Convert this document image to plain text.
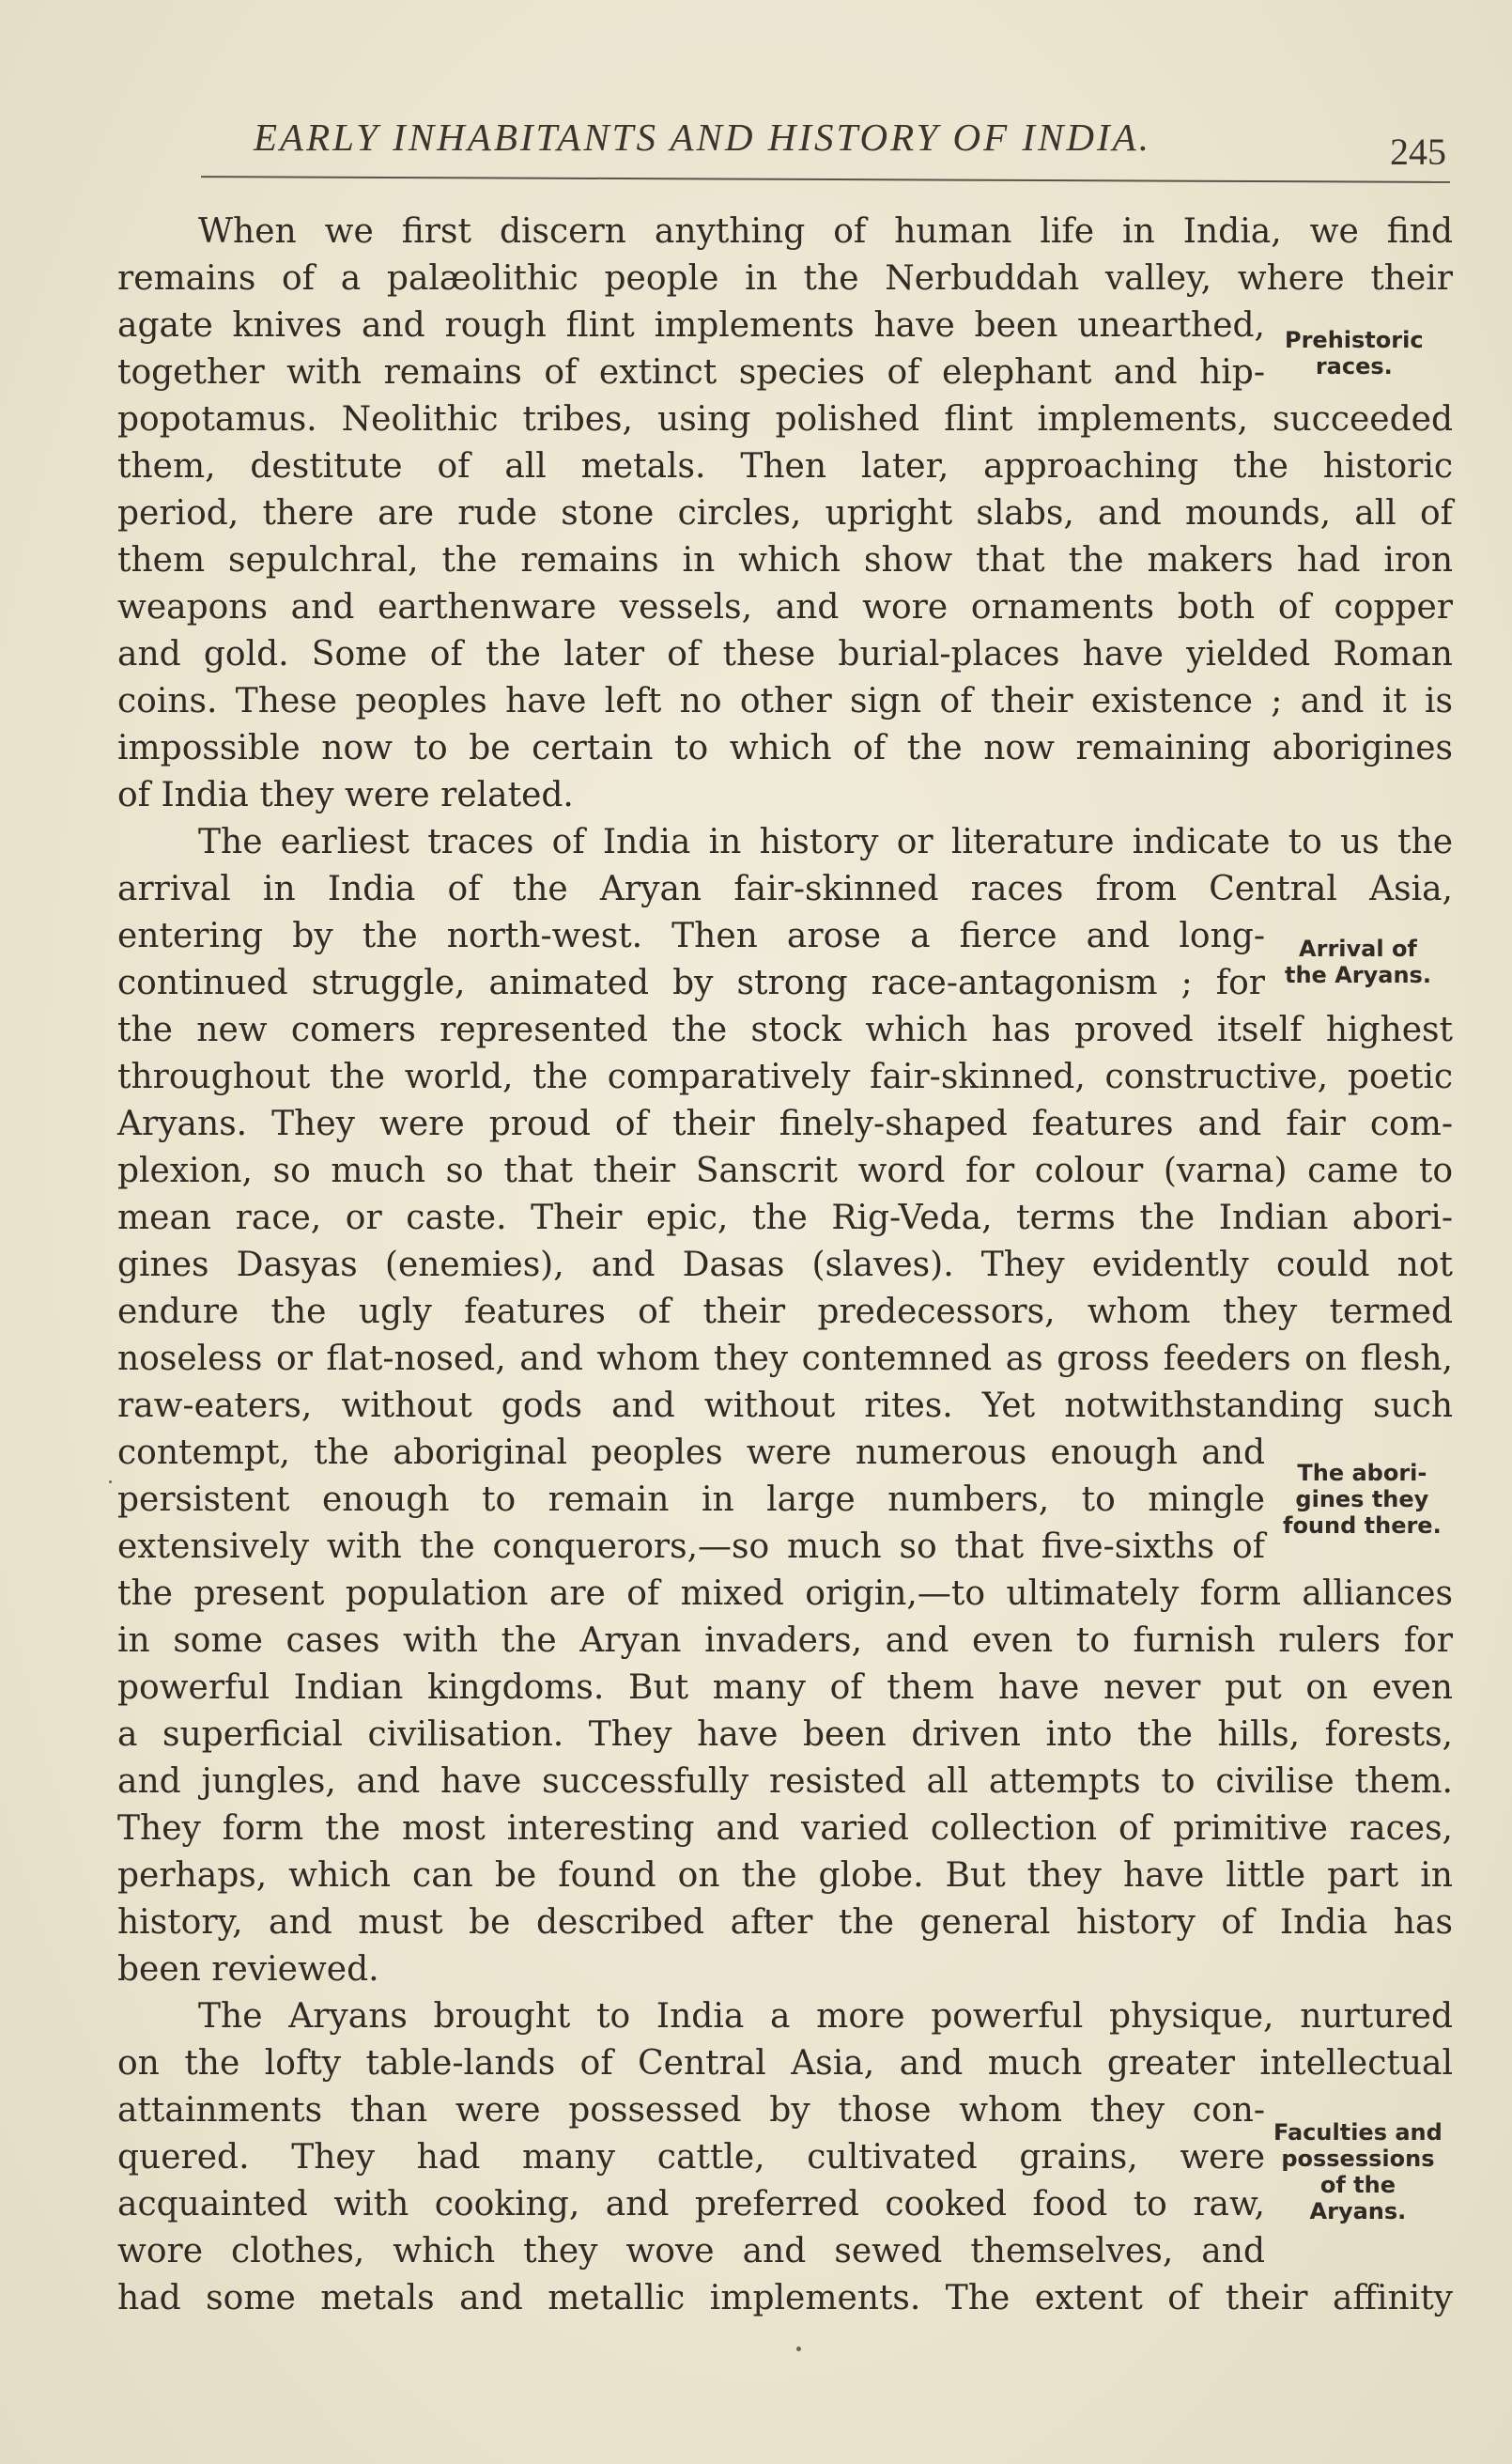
EARLY INHABITANTS AND HISTORY OF INDIA.	245
When we first discern anything of human life in India, we find
remains of a palæolithic people in the Nerbuddah valley, where their
agate knives and rough flint implements have been unearthed,
together with remains of extinct species of elephant and hip-
popotamus. Neolithic tribes, using polished flint implements, succeeded
them, destitute of all metals. Then later, approaching the historic
period, there are rude stone circles, upright slabs, and mounds, all of
them sepulchral, the remains in which show that the makers had iron
weapons and earthenware vessels, and wore ornaments both of copper
and gold. Some of the later of these burial-places have yielded Roman
coins. These peoples have left no other sign of their existence ; and it is
impossible now to be certain to which of the now remaining aborigines
of India they were related.
The earliest traces of India in history or literature indicate to us the
arrival in India of the Aryan fair-skinned races from Central Asia,
entering by the north-west. Then arose a fierce and long-
continued struggle, animated by strong race-antagonism ; for
the new comers represented the stock which has proved itself highest
throughout the world, the comparatively fair-skinned, constructive, poetic
Aryans. They were proud of their finely-shaped features and fair com-
plexion, so much so that their Sanscrit word for colour (varna) came to
mean race, or caste. Their epic, the Rig-Veda, terms the Indian abori-
gines Dasyas (enemies), and Dasas (slaves). They evidently could not
endure the ugly features of their predecessors, whom they termed
noseless or flat-nosed, and whom they contemned as gross feeders on flesh,
raw-eaters, without gods and without rites. Yet notwithstanding such
contempt, the aboriginal peoples were numerous enough and
persistent enough to remain in large numbers, to mingle
extensively with the conquerors,—so much so that five-sixths of
the present population are of mixed origin,—to ultimately form alliances
in some cases with the Aryan invaders, and even to furnish rulers for
powerful Indian kingdoms. But many of them have never put on even
a superficial civilisation. They have been driven into the hills, forests,
and jungles, and have successfully resisted all attempts to civilise them.
They form the most interesting and varied collection of primitive races,
perhaps, which can be found on the globe. But they have little part in
history, and must be described after the general history of India has
been reviewed.
The Aryans brought to India a more powerful physique, nurtured
on the lofty table-lands of Central Asia, and much greater intellectual
attainments than were possessed by those whom they con-
quered. They had many cattle, cultivated grains, were
acquainted with cooking, and preferred cooked food to raw,
wore clothes, which they wove and sewed themselves, and
had some metals and metallic implements. The extent of their affinity
Prehistoric
races.
Arrival of
the Aryans.
The abori-
gines they
found there.
Faculties and
possessions
of the
Aryans.
